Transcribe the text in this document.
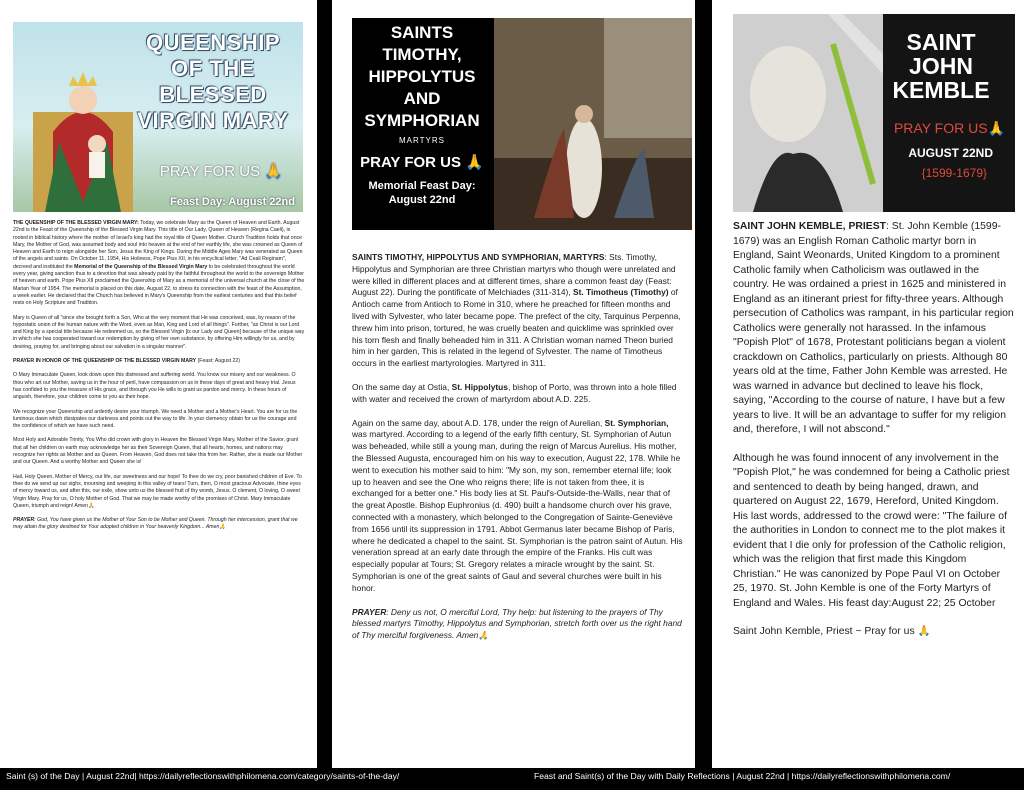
QUEENSHIP OF THE BLESSED VIRGIN MARY
PRAY FOR US 🙏
Feast Day: August 22nd

THE QUEENSHIP OF THE BLESSED VIRGIN MARY: Today, we celebrate Mary as the Queen of Heaven and Earth. August 22nd is the Feast of the Queenship of the Blessed Virgin Mary. This title of Our Lady, Queen of Heaven (Regina Caeli), is rooted in biblical history where the mother of Israel's king had the royal title of Queen Mother. Church Tradition holds that once Mary, the Mother of God, was assumed body and soul into heaven at the end of her earthly life, she was crowned as Queen of Heaven and Earth to reign alongside her Son, Jesus the King of Kings. During the Middle Ages Mary was venerated as Queen of the angels and saints. On October 11, 1954, His Holiness, Pope Pius XII, in his encyclical letter, "Ad Ceali Reginam", decreed and instituted the Memorial of the Queenship of the Blessed Virgin Mary to be celebrated throughout the world every year, giving sanction thus to a devotion that was already paid by the faithful throughout the world to the sovereign Mother of heaven and earth. Pope Pius XII proclaimed the Queenship of Mary as a memorial of the universal church at the close of the Marian Year of 1954. The memorial is placed on this date, August 22, to stress its connection with the feast of the Assumption, a week earlier. He declared that the Church has believed in Mary's Queenship from the earliest centuries and that this belief rests on Holy Scripture and Tradition.

Mary is Queen of all "since she brought forth a Son, Who at the very moment that He was conceived, was, by reason of the hypostatic union of the human nature with the Word, even as Man, King and Lord of all things". Further, "as Christ is our Lord and King by a special title because He redeemed us, so the Blessed Virgin [is our Lady and Queen] because of the unique way in which she has cooperated toward our redemption by giving of her own substance, by offering Him willingly for us, and by desiring, praying for, and bringing about our salvation in a singular manner".

PRAYER IN HONOR OF THE QUEENSHIP OF THE BLESSED VIRGIN MARY (Feast: August 22)

O Mary Immaculate Queen, look down upon this distressed and suffering world. You know our misery and our weakness. O thou who art our Mother, saving us in the hour of peril, have compassion on us in these days of great and heavy trial. Jesus has confided to you the treasure of His grace, and through you He wills to grant us pardon and mercy. In these hours of anguish, therefore, your children come to you as their hope.

We recognize your Queenship and ardently desire your triumph. We need a Mother and a Mother's Heart. You are for us the luminous dawn which dissipates our darkness and points out the way to life. In your clemency obtain for us the courage and the confidence of which we have such need.

Most Holy and Adorable Trinity, You Who did crown with glory in Heaven the Blessed Virgin Mary, Mother of the Savior, grant that all her children on earth may acknowledge her as their Sovereign Queen, that all hearts, homes, and nations may recognize her rights as Mother and as Queen. From Heaven, God does not take this from her. Rather, she is made our Mother and our Queen. And a worthy Mother and Queen she is!

Hail, Holy Queen, Mother of Mercy, our life, our sweetness and our hope! To thee do we cry, poor banished children of Eve. To thee do we send up our sighs, mourning and weeping in this valley of tears! Turn, then, O most gracious Advocate, thine eyes of mercy toward us, and after this, our exile, show unto us the blessed fruit of thy womb, Jesus. O clement, O loving, O sweet Virgin Mary. Pray for us, O holy Mother of God. That we may be made worthy of the promises of Christ. Mary Immaculate Queen, triumph and reign! Amen🙏

PRAYER: God, You have given us the Mother of Your Son to be Mother and Queen. Through her intercession, grant that we may attain the glory destined for Your adopted children in Your heavenly Kingdom... Amen🙏

SAINTS TIMOTHY, HIPPOLYTUS AND SYMPHORIAN
MARTYRS
PRAY FOR US 🙏
Memorial Feast Day: August 22nd

SAINTS TIMOTHY, HIPPOLYTUS AND SYMPHORIAN, MARTYRS: Sts. Timothy, Hippolytus and Symphorian are three Christian martyrs who though were unrelated and were killed in different places and at different times, share a common feast day (Feast: August 22). During the pontificate of Melchiades (311-314), St. Timotheus (Timothy) of Antioch came from Antioch to Rome in 310, where he preached for fifteen months and lived with Sylvester, who later became pope. The prefect of the city, Tarquinus Perpenna, threw him into prison, tortured, he was cruelly beaten and quicklime was sprinkled over his torn flesh and finally beheaded him in 311. A Christian woman named Theon buried him in her garden, This is related in the legend of Sylvester. The name of Timotheus occurs in the earliest martyrologies. Martyred in 311.

On the same day at Ostia, St. Hippolytus, bishop of Porto, was thrown into a hole filled with water and received the crown of martyrdom about A.D. 225.

Again on the same day, about A.D. 178, under the reign of Aurelian, St. Symphorian, was martyred. According to a legend of the early fifth century, St. Symphorian of Autun was beheaded, while still a young man, during the reign of Marcus Aurelius. His mother, the Blessed Augusta, encouraged him on his way to execution, August 22, 178. While he went to execution his mother said to him: "My son, my son, remember eternal life; look up to heaven and see the One who reigns there; life is not taken from thee, it is exchanged for a better one." His body lies at St. Paul's-Outside-the-Walls, near that of the great Apostle. Bishop Euphronius (d. 490) built a handsome church over his grave, connected with a monastery, which belonged to the Congregation of Sainte-Geneviève from 1656 until its suppression in 1791. Abbot Germanus later became Bishop of Paris, where he dedicated a chapel to the saint. St. Symphorian is the patron saint of Autun. His veneration spread at an early date through the empire of the Franks. His cult was especially popular at Tours; St. Gregory relates a miracle wrought by the saint. St. Symphorian is one of the great saints of Gaul and several churches were built in his honor.

PRAYER: Deny us not, O merciful Lord, Thy help: but listening to the prayers of Thy blessed martyrs Timothy, Hippolytus and Symphorian, stretch forth over us the right hand of Thy merciful forgiveness. Amen🙏

SAINT JOHN KEMBLE
PRAY FOR US🙏
AUGUST 22ND
{1599-1679}

SAINT JOHN KEMBLE, PRIEST: St. John Kemble (1599-1679) was an English Roman Catholic martyr born in England, Saint Weonards, United Kingdom to a prominent Catholic family when Catholicism was outlawed in the country. He was ordained a priest in 1625 and ministered in England as an itinerant priest for fifty-three years. Although persecution of Catholics was rampant, in his particular region Catholics were generally not harassed. In the infamous "Popish Plot" of 1678, Protestant politicians began a violent crackdown on Catholics, particularly on priests. Although 80 years old at the time, Father John Kemble was arrested. He was warned in advance but declined to leave his flock, saying, "According to the course of nature, I have but a few years to live. It will be an advantage to suffer for my religion and, therefore, I will not abscond."

Although he was found innocent of any involvement in the "Popish Plot," he was condemned for being a Catholic priest and sentenced to death by being hanged, drawn, and quartered on August 22, 1679, Hereford, United Kingdom. His last words, addressed to the crowd were: "The failure of the authorities in London to connect me to the plot makes it evident that I die only for profession of the Catholic religion, which was the religion that first made this Kingdom Christian." He was canonized by Pope Paul VI on October 25, 1970. St. John Kemble is one of the Forty Martyrs of England and Wales. His feast day:August 22; 25 October

Saint John Kemble, Priest ~ Pray for us 🙏

Saint (s) of the Day | August 22nd| https://dailyreflectionswithphilomena.com/category/saints-of-the-day/	Feast and Saint(s) of the Day with Daily Reflections | August 22nd | https://dailyreflectionswithphilomena.com/
